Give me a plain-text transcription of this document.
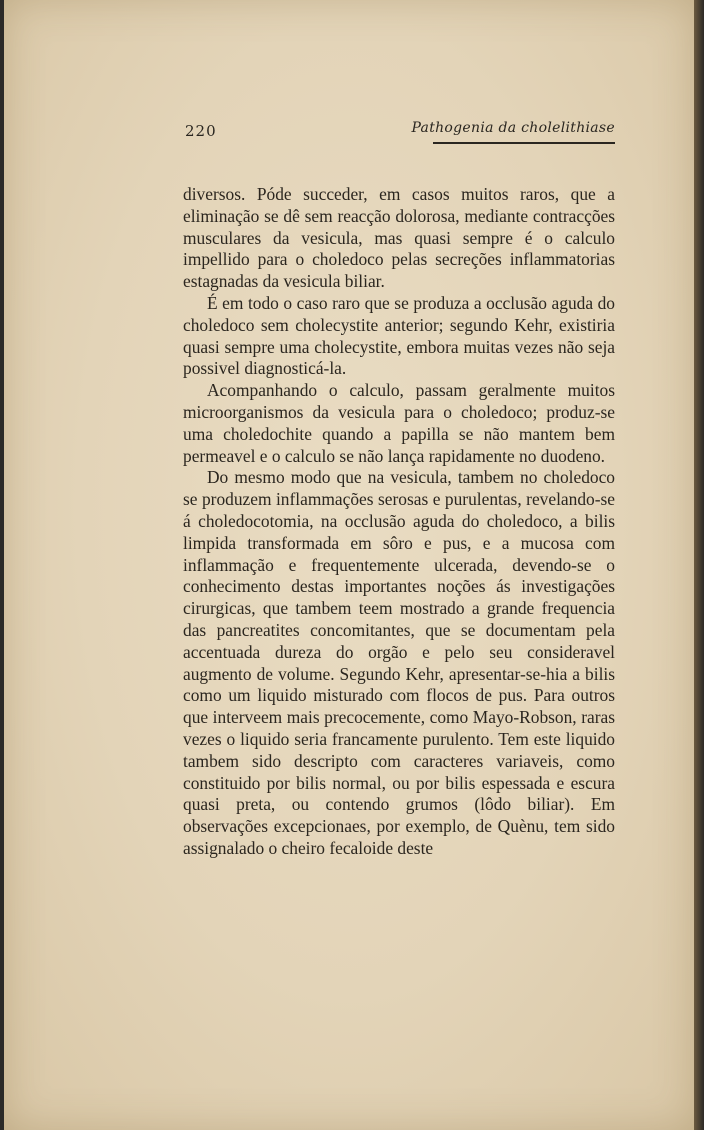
220	Pathogenia da cholelithiase

diversos. Póde succeder, em casos muitos raros, que a eliminação se dê sem reacção dolorosa, mediante contracções musculares da vesicula, mas quasi sempre é o calculo impellido para o choledoco pelas secreções inflammatorias estagnadas da vesicula biliar.

É em todo o caso raro que se produza a occlusão aguda do choledoco sem cholecystite anterior; segundo Kehr, existiria quasi sempre uma cholecystite, embora muitas vezes não seja possivel diagnosticá-la.

Acompanhando o calculo, passam geralmente muitos microorganismos da vesicula para o choledoco; produz-se uma choledochite quando a papilla se não mantem bem permeavel e o calculo se não lança rapidamente no duodeno.

Do mesmo modo que na vesicula, tambem no choledoco se produzem inflammações serosas e purulentas, revelando-se á choledocotomia, na occlusão aguda do choledoco, a bilis limpida transformada em sôro e pus, e a mucosa com inflammação e frequentemente ulcerada, devendo-se o conhecimento destas importantes noções ás investigações cirurgicas, que tambem teem mostrado a grande frequencia das pancreatites concomitantes, que se documentam pela accentuada dureza do orgão e pelo seu consideravel augmento de volume. Segundo Kehr, apresentar-se-hia a bilis como um liquido misturado com flocos de pus. Para outros que interveem mais precocemente, como Mayo-Robson, raras vezes o liquido seria francamente purulento. Tem este liquido tambem sido descripto com caracteres variaveis, como constituido por bilis normal, ou por bilis espessada e escura quasi preta, ou contendo grumos (lôdo biliar). Em observações excepcionaes, por exemplo, de Quènu, tem sido assignalado o cheiro fecaloide deste
